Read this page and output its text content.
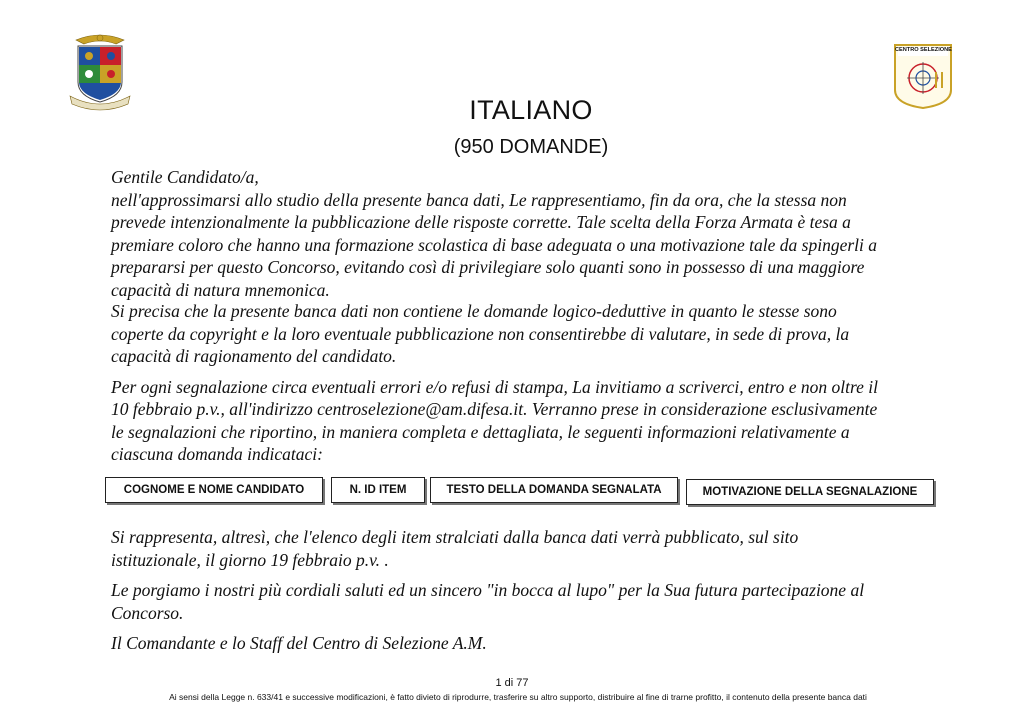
CENTRO SELEZIONE
ITALIANO
(950 DOMANDE)

Gentile Candidato/a,

nell'approssimarsi allo studio della presente banca dati, Le rappresentiamo, fin da ora, che la stessa non prevede intenzionalmente la pubblicazione delle risposte corrette. Tale scelta della Forza Armata è tesa a premiare coloro che hanno una formazione scolastica di base adeguata o una motivazione tale da spingerli a prepararsi per questo Concorso, evitando così di privilegiare solo quanti sono in possesso di una maggiore capacità di natura mnemonica.

Si precisa che la presente banca dati non contiene le domande logico-deduttive in quanto le stesse sono coperte da copyright e la loro eventuale pubblicazione non consentirebbe di valutare, in sede di prova, la capacità di ragionamento del candidato.

Per ogni segnalazione circa eventuali errori e/o refusi di stampa, La invitiamo a scriverci, entro e non oltre il 10 febbraio p.v., all'indirizzo centroselezione@am.difesa.it. Verranno prese in considerazione esclusivamente le segnalazioni che riportino, in maniera completa e dettagliata, le seguenti informazioni relativamente a ciascuna domanda indicataci:

COGNOME E NOME CANDIDATO	N. ID ITEM	TESTO DELLA DOMANDA SEGNALATA	MOTIVAZIONE DELLA SEGNALAZIONE

Si rappresenta, altresì, che l'elenco degli item stralciati dalla banca dati verrà pubblicato, sul sito istituzionale, il giorno 19 febbraio p.v. .

Le porgiamo i nostri più cordiali saluti ed un sincero "in bocca al lupo" per la Sua futura partecipazione al Concorso.

Il Comandante e lo Staff del Centro di Selezione A.M.

1 di 77
Ai sensi della Legge n. 633/41 e successive modificazioni, è fatto divieto di riprodurre, trasferire su altro supporto, distribuire al fine di trarne profitto, il contenuto della presente banca dati
